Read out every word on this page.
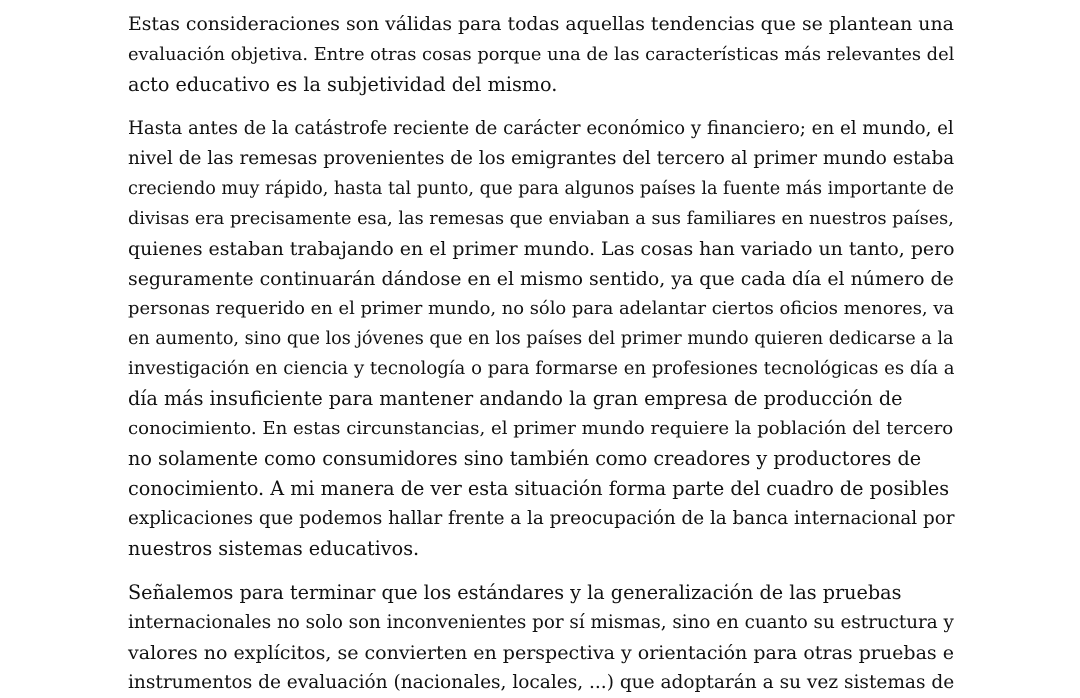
Estas consideraciones son válidas para todas aquellas tendencias que se plantean una
evaluación objetiva. Entre otras cosas porque una de las características más relevantes del
acto educativo es la subjetividad del mismo.
Hasta antes de la catástrofe reciente de carácter económico y financiero; en el mundo, el
nivel de las remesas provenientes de los emigrantes del tercero al primer mundo estaba
creciendo muy rápido, hasta tal punto, que para algunos países la fuente más importante de
divisas era precisamente esa, las remesas que enviaban a sus familiares en nuestros países,
quienes estaban trabajando en el primer mundo. Las cosas han variado un tanto, pero
seguramente continuarán dándose en el mismo sentido, ya que cada día el número de
personas requerido en el primer mundo, no sólo para adelantar ciertos oficios menores, va
en aumento, sino que los jóvenes que en los países del primer mundo quieren dedicarse a la
investigación en ciencia y tecnología o para formarse en profesiones tecnológicas es día a
día más insuficiente para mantener andando la gran empresa de producción de
conocimiento. En estas circunstancias, el primer mundo requiere la población del tercero
no solamente como consumidores sino también como creadores y productores de
conocimiento. A mi manera de ver esta situación forma parte del cuadro de posibles
explicaciones que podemos hallar frente a la preocupación de la banca internacional por
nuestros sistemas educativos.
Señalemos para terminar que los estándares y la generalización de las pruebas
internacionales no solo son inconvenientes por sí mismas, sino en cuanto su estructura y
valores no explícitos, se convierten en perspectiva y orientación para otras pruebas e
instrumentos de evaluación (nacionales, locales, ...) que adoptarán a su vez sistemas de
